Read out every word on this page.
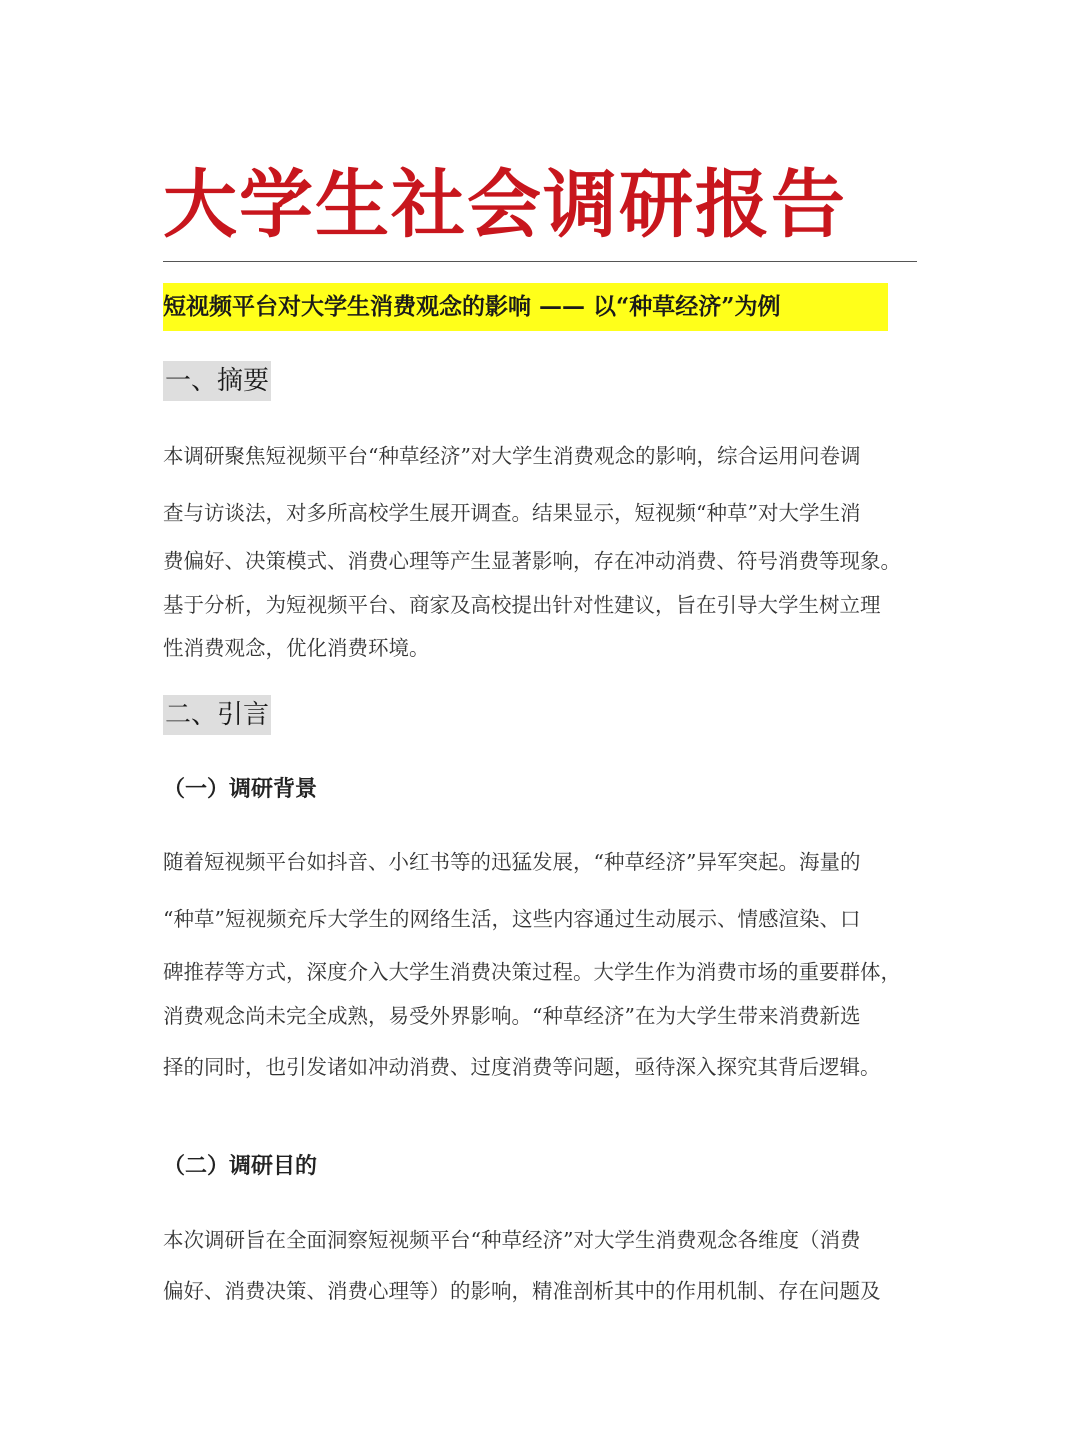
大学生社会调研报告
短视频平台对大学生消费观念的影响 —— 以“种草经济”为例
一、摘要
本调研聚焦短视频平台“种草经济”对大学生消费观念的影响，综合运用问卷调
查与访谈法，对多所高校学生展开调查。结果显示，短视频“种草”对大学生消
费偏好、决策模式、消费心理等产生显著影响，存在冲动消费、符号消费等现象。
基于分析，为短视频平台、商家及高校提出针对性建议，旨在引导大学生树立理
性消费观念，优化消费环境。
二、引言
（一）调研背景
随着短视频平台如抖音、小红书等的迅猛发展，“种草经济”异军突起。海量的
“种草”短视频充斥大学生的网络生活，这些内容通过生动展示、情感渲染、口
碑推荐等方式，深度介入大学生消费决策过程。大学生作为消费市场的重要群体，
消费观念尚未完全成熟，易受外界影响。“种草经济”在为大学生带来消费新选
择的同时，也引发诸如冲动消费、过度消费等问题，亟待深入探究其背后逻辑。
（二）调研目的
本次调研旨在全面洞察短视频平台“种草经济”对大学生消费观念各维度（消费
偏好、消费决策、消费心理等）的影响，精准剖析其中的作用机制、存在问题及
